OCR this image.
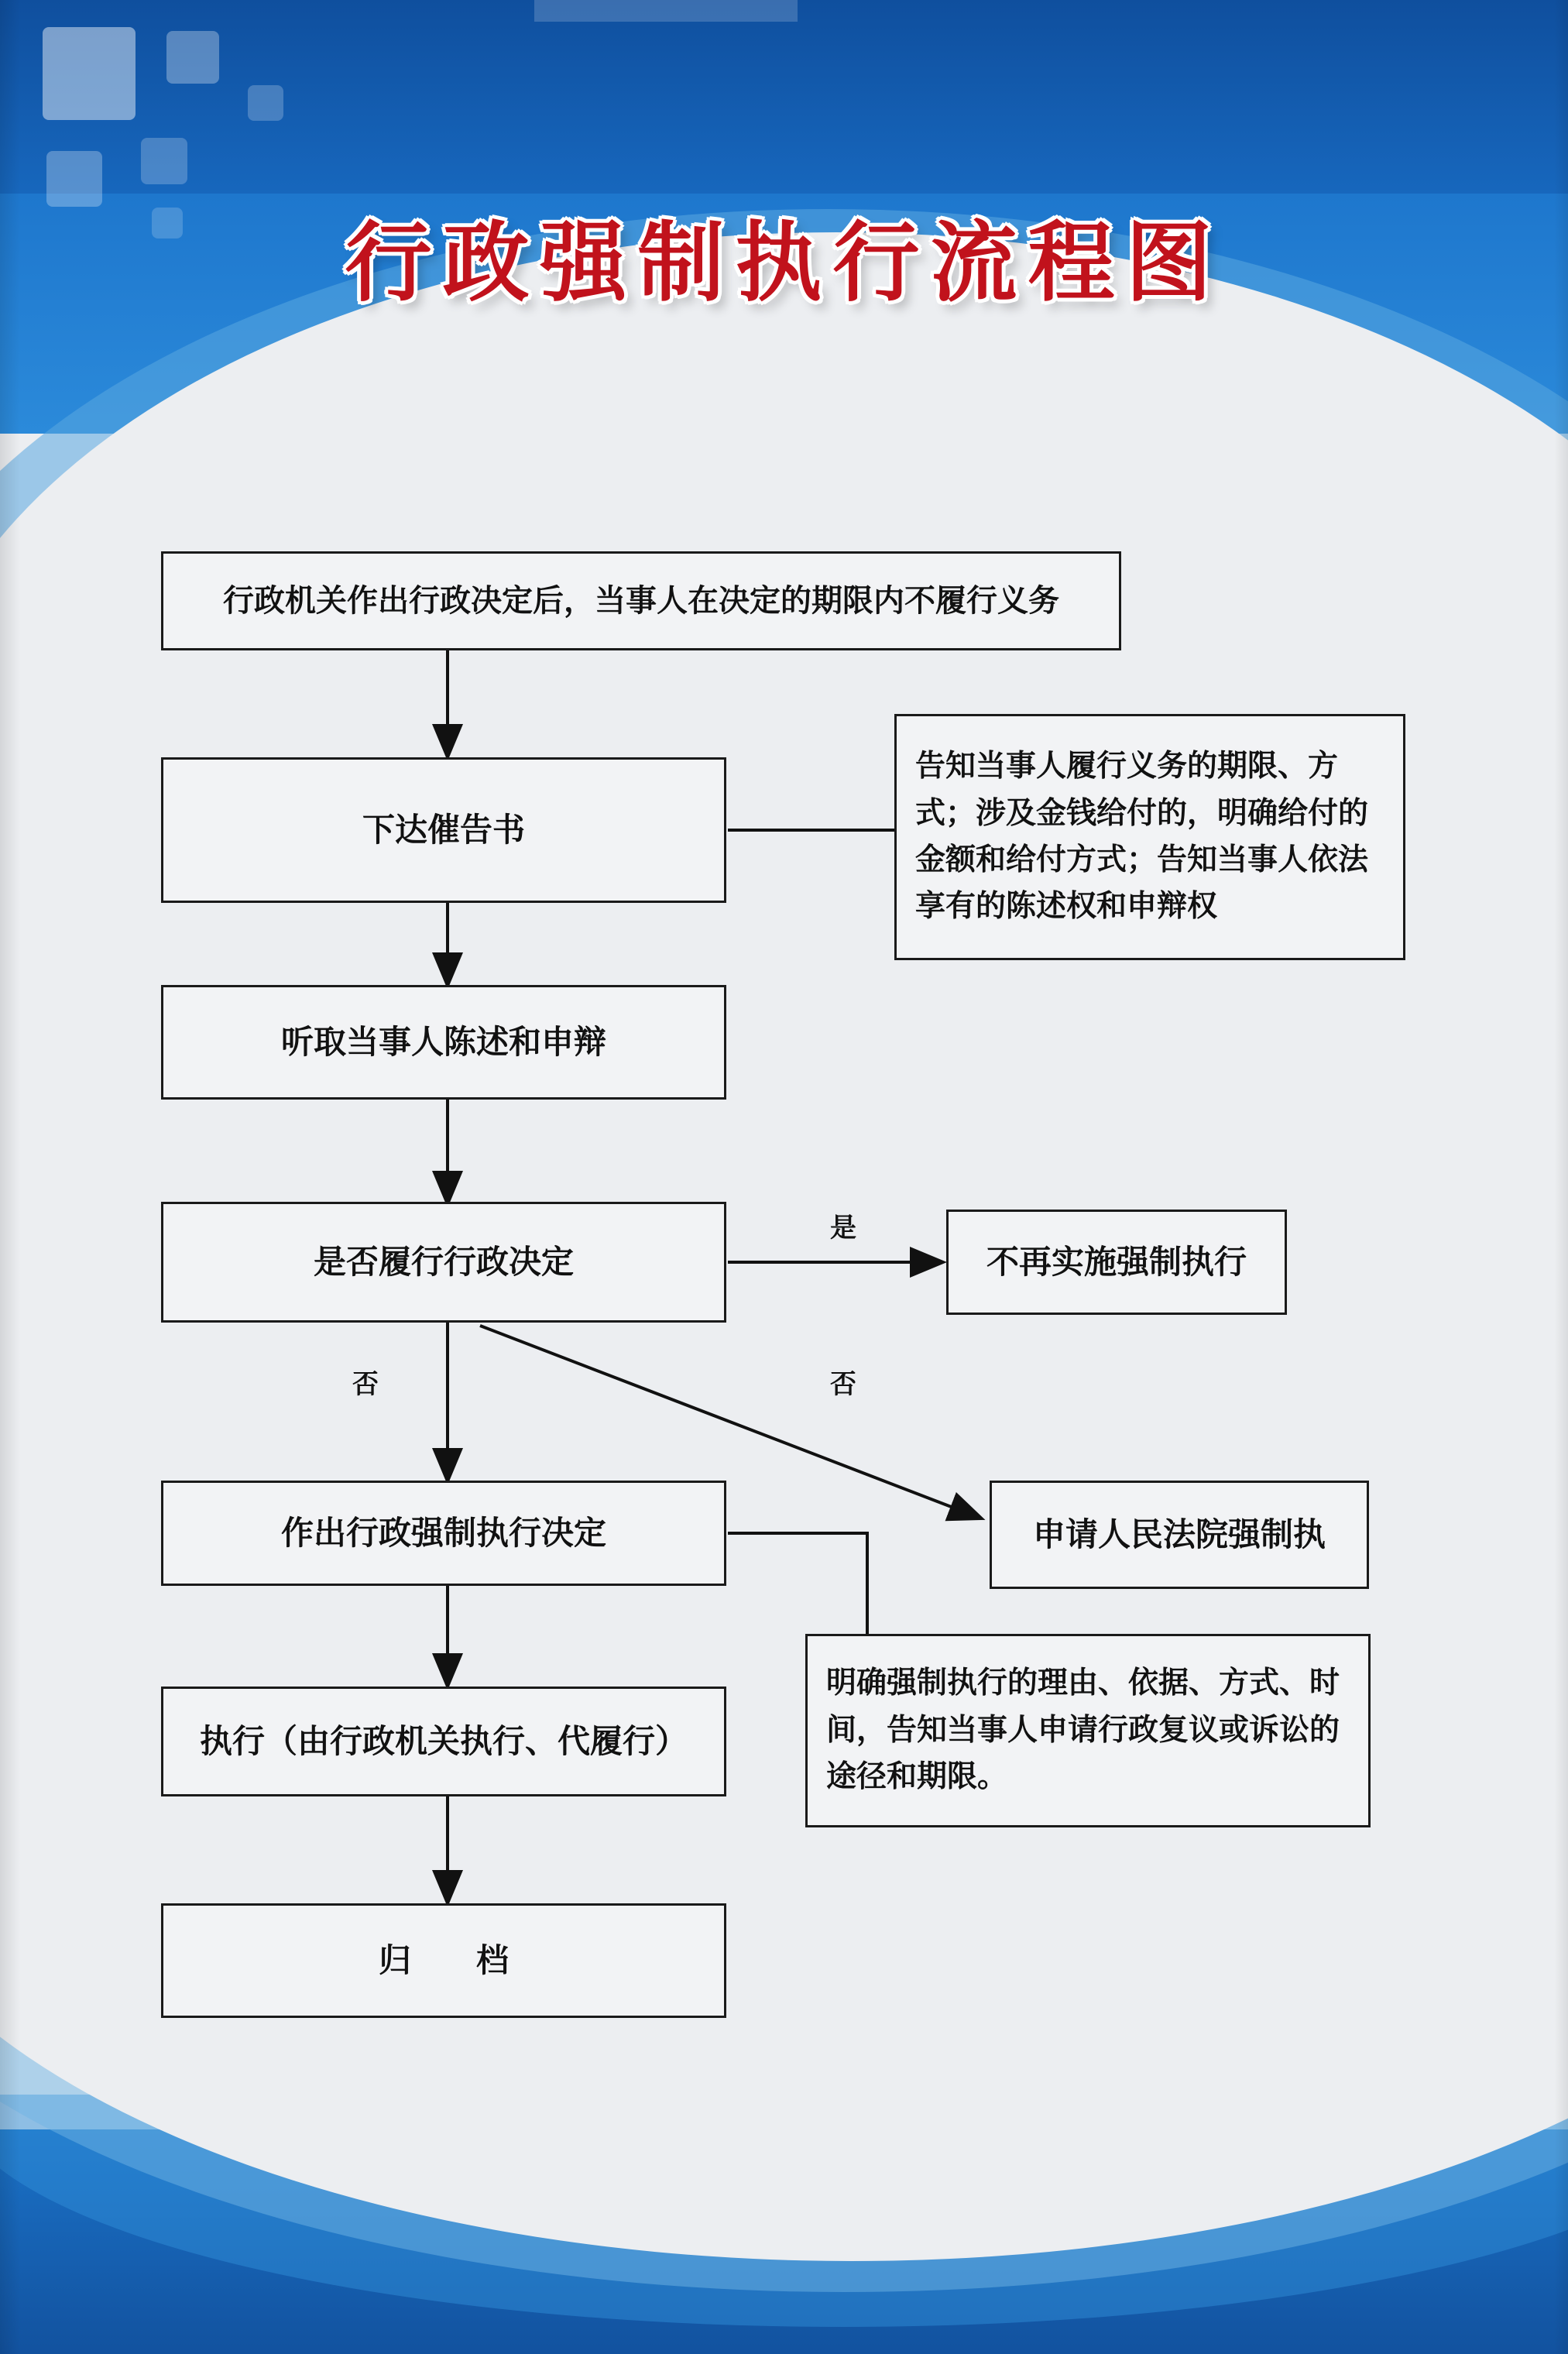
行政强制执行流程图
行政机关作出行政决定后，当事人在决定的期限内不履行义务
下达催告书
告知当事人履行义务的期限、方式；涉及金钱给付的，明确给付的金额和给付方式；告知当事人依法享有的陈述权和申辩权
听取当事人陈述和申辩
是否履行行政决定	不再实施强制执行
作出行政强制执行决定	申请人民法院强制执
明确强制执行的理由、依据、方式、时间，告知当事人申请行政复议或诉讼的途径和期限。
执行（由行政机关执行、代履行）
归　　档
是
否	否
